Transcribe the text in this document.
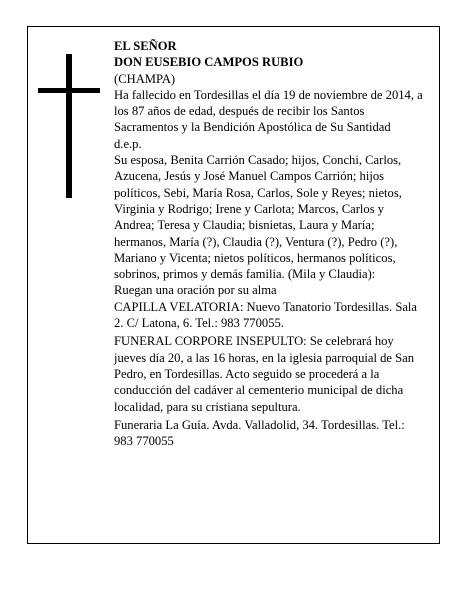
EL SEÑOR

DON EUSEBIO CAMPOS RUBIO

(CHAMPA)

Ha fallecido en Tordesillas el día 19 de noviembre de 2014, a los 87 años de edad, después de recibir los Santos Sacramentos y la Bendición Apostólica de Su Santidad

d.e.p.

Su esposa, Benita Carrión Casado; hijos, Conchi, Carlos, Azucena, Jesús y José Manuel Campos Carrión; hijos políticos, Sebi, María Rosa, Carlos, Sole y Reyes; nietos, Virginia y Rodrigo; Irene y Carlota; Marcos, Carlos y Andrea; Teresa y Claudia; bisnietas, Laura y María; hermanos, María (?), Claudia (?), Ventura (?), Pedro (?), Mariano y Vicenta; nietos políticos, hermanos políticos, sobrinos, primos y demás familia. (Mila y Claudia):

Ruegan una oración por su alma

CAPILLA VELATORIA: Nuevo Tanatorio Tordesillas. Sala 2. C/ Latona, 6. Tel.: 983 770055.

FUNERAL CORPORE INSEPULTO: Se celebrará hoy jueves día 20, a las 16 horas, en la iglesia parroquial de San Pedro, en Tordesillas. Acto seguido se procederá a la conducción del cadáver al cementerio municipal de dicha localidad, para su cristiana sepultura.

Funeraria La Guía. Avda. Valladolid, 34. Tordesillas. Tel.: 983 770055
